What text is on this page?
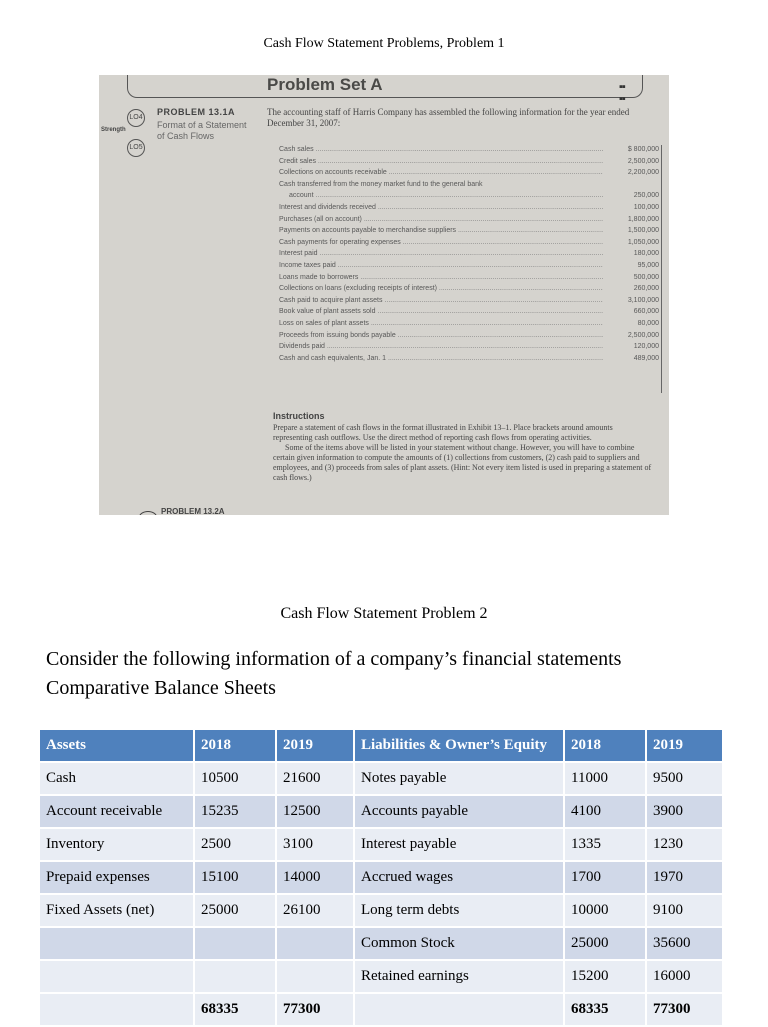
Cash Flow Statement Problems, Problem 1
Problem Set A	▪▪
▪▪
LO4
Strength
LO5
PROBLEM 13.1A
Format of a Statement of Cash Flows
The accounting staff of Harris Company has assembled the following information for the year ended December 31, 2007:
Cash sales .....	$ 800,000
Credit sales .....	2,500,000
Collections on accounts receivable .....	2,200,000
Cash transferred from the money market fund to the general bank
account .....	250,000
Interest and dividends received .....	100,000
Purchases (all on account) .....	1,800,000
Payments on accounts payable to merchandise suppliers .....	1,500,000
Cash payments for operating expenses .....	1,050,000
Interest paid .....	180,000
Income taxes paid .....	95,000
Loans made to borrowers .....	500,000
Collections on loans (excluding receipts of interest) .....	260,000
Cash paid to acquire plant assets .....	3,100,000
Book value of plant assets sold .....	660,000
Loss on sales of plant assets .....	80,000
Proceeds from issuing bonds payable .....	2,500,000
Dividends paid .....	120,000
Cash and cash equivalents, Jan. 1 .....	489,000
Instructions

Prepare a statement of cash flows in the format illustrated in Exhibit 13–1. Place brackets around amounts representing cash outflows. Use the direct method of reporting cash flows from operating activities.

Some of the items above will be listed in your statement without change. However, you will have to combine certain given information to compute the amounts of (1) collections from customers, (2) cash paid to suppliers and employees, and (3) proceeds from sales of plant assets. (Hint: Not every item listed is used in preparing a statement of cash flows.)

PROBLEM 13.2A
Cash Flow Statement Problem 2
Consider the following information of a company’s financial statements
Comparative Balance Sheets
Assets	2018	2019	Liabilities & Owner’s Equity	2018	2019
Cash	10500	21600	Notes payable	11000	9500
Account receivable	15235	12500	Accounts payable	4100	3900
Inventory	2500	3100	Interest payable	1335	1230
Prepaid expenses	15100	14000	Accrued wages	1700	1970
Fixed Assets (net)	25000	26100	Long term debts	10000	9100
			Common Stock	25000	35600
			Retained earnings	15200	16000
	68335	77300		68335	77300
